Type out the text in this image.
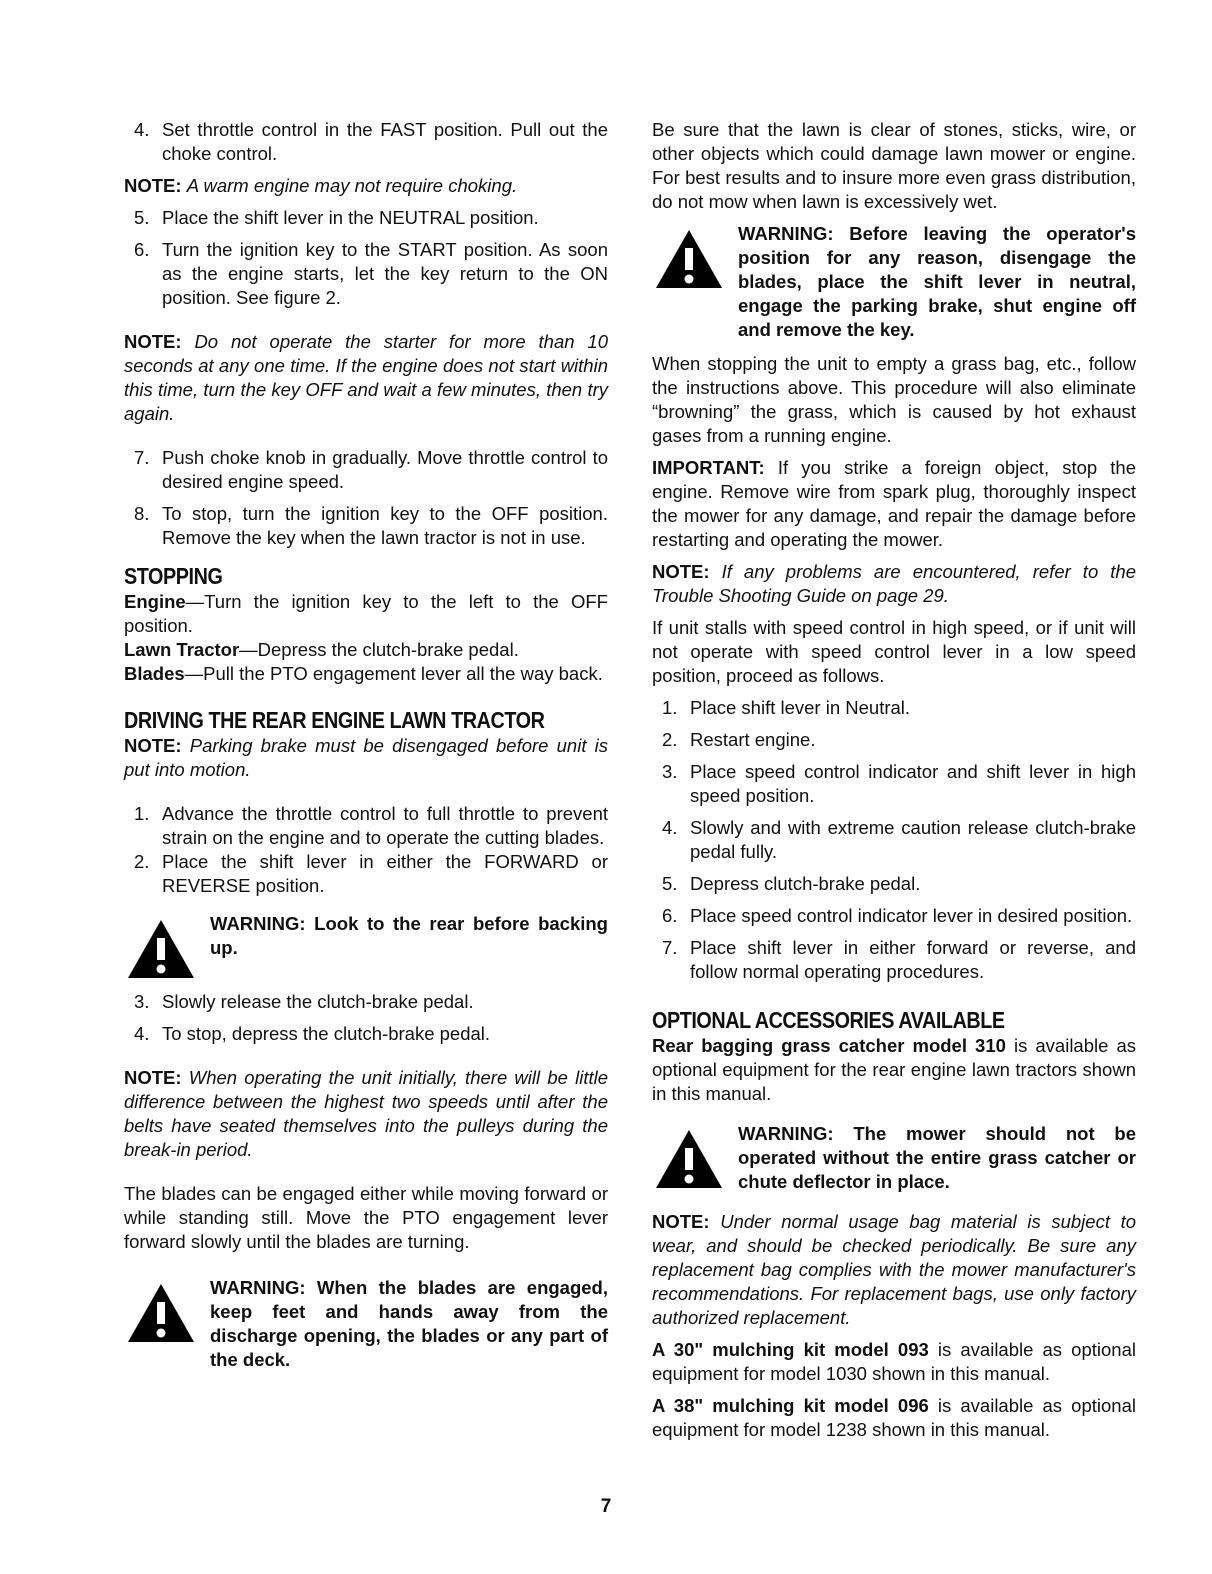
4. Set throttle control in the FAST position. Pull out the choke control.

NOTE: A warm engine may not require choking.

5. Place the shift lever in the NEUTRAL position.
6. Turn the ignition key to the START position. As soon as the engine starts, let the key return to the ON position. See figure 2.

NOTE: Do not operate the starter for more than 10 seconds at any one time. If the engine does not start within this time, turn the key OFF and wait a few minutes, then try again.

7. Push choke knob in gradually. Move throttle control to desired engine speed.
8. To stop, turn the ignition key to the OFF position. Remove the key when the lawn tractor is not in use.
STOPPING

Engine—Turn the ignition key to the left to the OFF position.

Lawn Tractor—Depress the clutch-brake pedal.

Blades—Pull the PTO engagement lever all the way back.

DRIVING THE REAR ENGINE LAWN TRACTOR

NOTE: Parking brake must be disengaged before unit is put into motion.

1. Advance the throttle control to full throttle to prevent strain on the engine and to operate the cutting blades.
2. Place the shift lever in either the FORWARD or REVERSE position.
WARNING: Look to the rear before backing up.
3. Slowly release the clutch-brake pedal.
4. To stop, depress the clutch-brake pedal.

NOTE: When operating the unit initially, there will be little difference between the highest two speeds until after the belts have seated themselves into the pulleys during the break-in period.

The blades can be engaged either while moving forward or while standing still. Move the PTO engagement lever forward slowly until the blades are turning.

WARNING: When the blades are engaged, keep feet and hands away from the discharge opening, the blades or any part of the deck.

Be sure that the lawn is clear of stones, sticks, wire, or other objects which could damage lawn mower or engine. For best results and to insure more even grass distribution, do not mow when lawn is excessively wet.

WARNING: Before leaving the operator's position for any reason, disengage the blades, place the shift lever in neutral, engage the parking brake, shut engine off and remove the key.

When stopping the unit to empty a grass bag, etc., follow the instructions above. This procedure will also eliminate “browning” the grass, which is caused by hot exhaust gases from a running engine.

IMPORTANT: If you strike a foreign object, stop the engine. Remove wire from spark plug, thoroughly inspect the mower for any damage, and repair the damage before restarting and operating the mower.

NOTE: If any problems are encountered, refer to the Trouble Shooting Guide on page 29.

If unit stalls with speed control in high speed, or if unit will not operate with speed control lever in a low speed position, proceed as follows.

1. Place shift lever in Neutral.
2. Restart engine.
3. Place speed control indicator and shift lever in high speed position.
4. Slowly and with extreme caution release clutch-brake pedal fully.
5. Depress clutch-brake pedal.
6. Place speed control indicator lever in desired position.
7. Place shift lever in either forward or reverse, and follow normal operating procedures.
OPTIONAL ACCESSORIES AVAILABLE

Rear bagging grass catcher model 310 is available as optional equipment for the rear engine lawn tractors shown in this manual.

WARNING: The mower should not be operated without the entire grass catcher or chute deflector in place.

NOTE: Under normal usage bag material is subject to wear, and should be checked periodically. Be sure any replacement bag complies with the mower manufacturer's recommendations. For replacement bags, use only factory authorized replacement.

A 30" mulching kit model 093 is available as optional equipment for model 1030 shown in this manual.

A 38" mulching kit model 096 is available as optional equipment for model 1238 shown in this manual.

7
